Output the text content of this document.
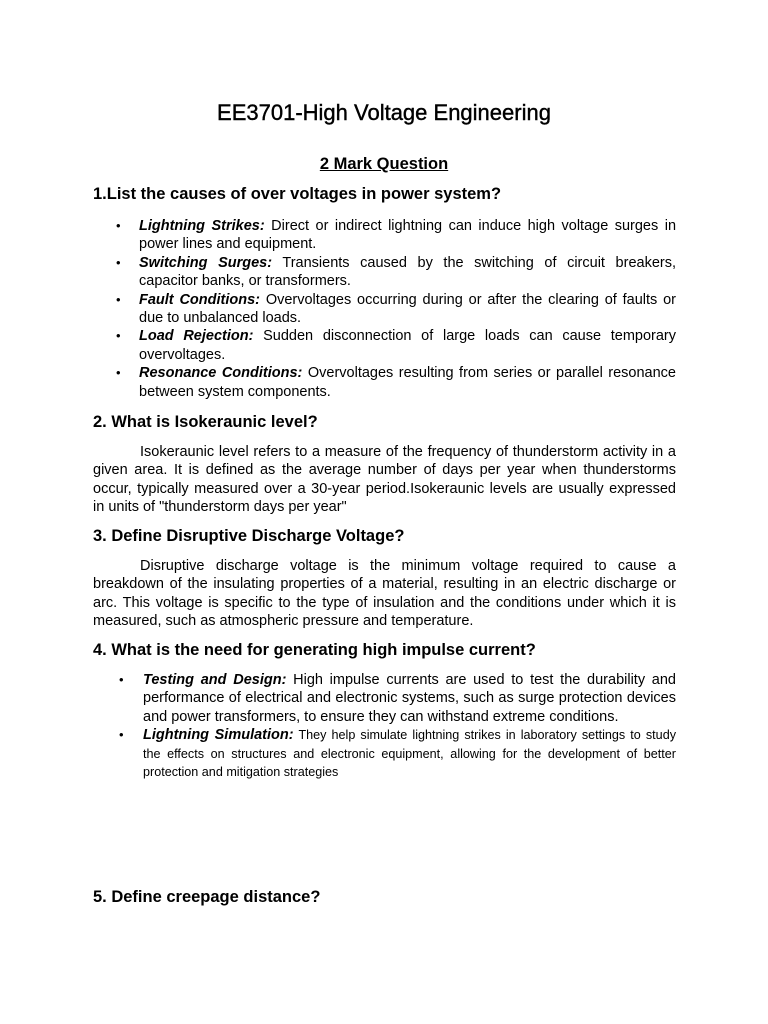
EE3701-High Voltage Engineering
2 Mark Question
1.List the causes of over voltages in power system?
• Lightning Strikes: Direct or indirect lightning can induce high voltage surges in power lines and equipment.
• Switching Surges: Transients caused by the switching of circuit breakers, capacitor banks, or transformers.
• Fault Conditions: Overvoltages occurring during or after the clearing of faults or due to unbalanced loads.
• Load Rejection: Sudden disconnection of large loads can cause temporary overvoltages.
• Resonance Conditions: Overvoltages resulting from series or parallel resonance between system components.
2. What is Isokeraunic level?

Isokeraunic level refers to a measure of the frequency of thunderstorm activity in a given area. It is defined as the average number of days per year when thunderstorms occur, typically measured over a 30-year period.Isokeraunic levels are usually expressed in units of "thunderstorm days per year"

3. Define Disruptive Discharge Voltage?

Disruptive discharge voltage is the minimum voltage required to cause a breakdown of the insulating properties of a material, resulting in an electric discharge or arc. This voltage is specific to the type of insulation and the conditions under which it is measured, such as atmospheric pressure and temperature.

4. What is the need for generating high impulse current?
• Testing and Design: High impulse currents are used to test the durability and performance of electrical and electronic systems, such as surge protection devices and power transformers, to ensure they can withstand extreme conditions.
• Lightning Simulation: They help simulate lightning strikes in laboratory settings to study the effects on structures and electronic equipment, allowing for the development of better protection and mitigation strategies
5. Define creepage distance?
